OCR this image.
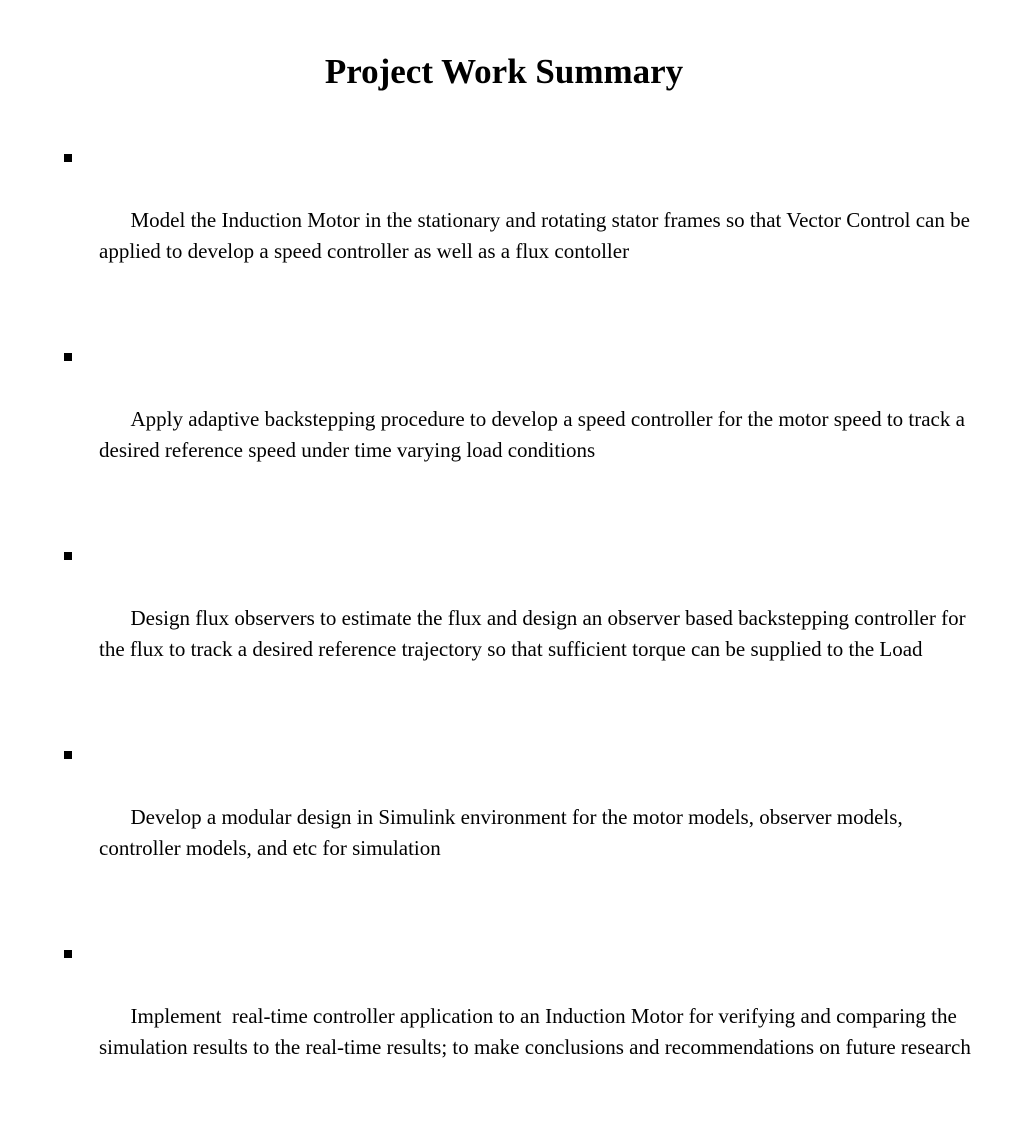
Project Work Summary

Model the Induction Motor in the stationary and rotating stator frames so that Vector Control can be applied to develop a speed controller as well as a flux contoller

Apply adaptive backstepping procedure to develop a speed controller for the motor speed to track a desired reference speed under time varying load conditions

Design flux observers to estimate the flux and design an observer based backstepping controller for the flux to track a desired reference trajectory so that sufficient torque can be supplied to the Load

Develop a modular design in Simulink environment for the motor models, observer models, controller models, and etc for simulation

Implement  real-time controller application to an Induction Motor for verifying and comparing the simulation results to the real-time results; to make conclusions and recommendations on future research
